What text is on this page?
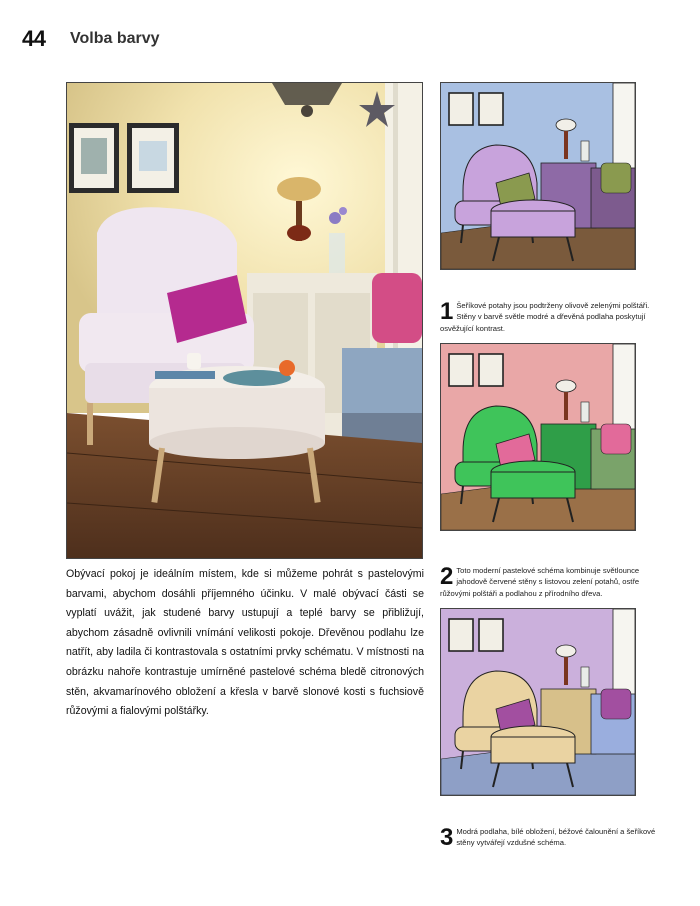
44 Volba barvy
Obývací pokoj je ideálním místem, kde si můžeme pohrát s pastelovými barvami, abychom dosáhli příjemného účinku. V malé obývací části se vyplatí uvážit, jak studené barvy ustupují a teplé barvy se přibližují, abychom zásadně ovlivnili vnímání velikosti pokoje. Dřevěnou podlahu lze natřít, aby ladila či kontrastovala s ostatními prvky schématu. V místnosti na obrázku nahoře kontrastuje umírněné pastelové schéma bledě citronových stěn, akvamarínového obložení a křesla v barvě slonové kosti s fuchsiově růžovými a fialovými polštářky.
1 Šeříkové potahy jsou podtrženy olivově zelenými polštáři. Stěny v barvě světle modré a dřevěná podlaha poskytují osvěžující kontrast.
2 Toto moderní pastelové schéma kombinuje světlounce jahodově červené stěny s listovou zelení potahů, ostře růžovými polštáři a podlahou z přírodního dřeva.
3 Modrá podlaha, bílé obložení, béžové čalounění a šeříkové stěny vytvářejí vzdušné schéma.
